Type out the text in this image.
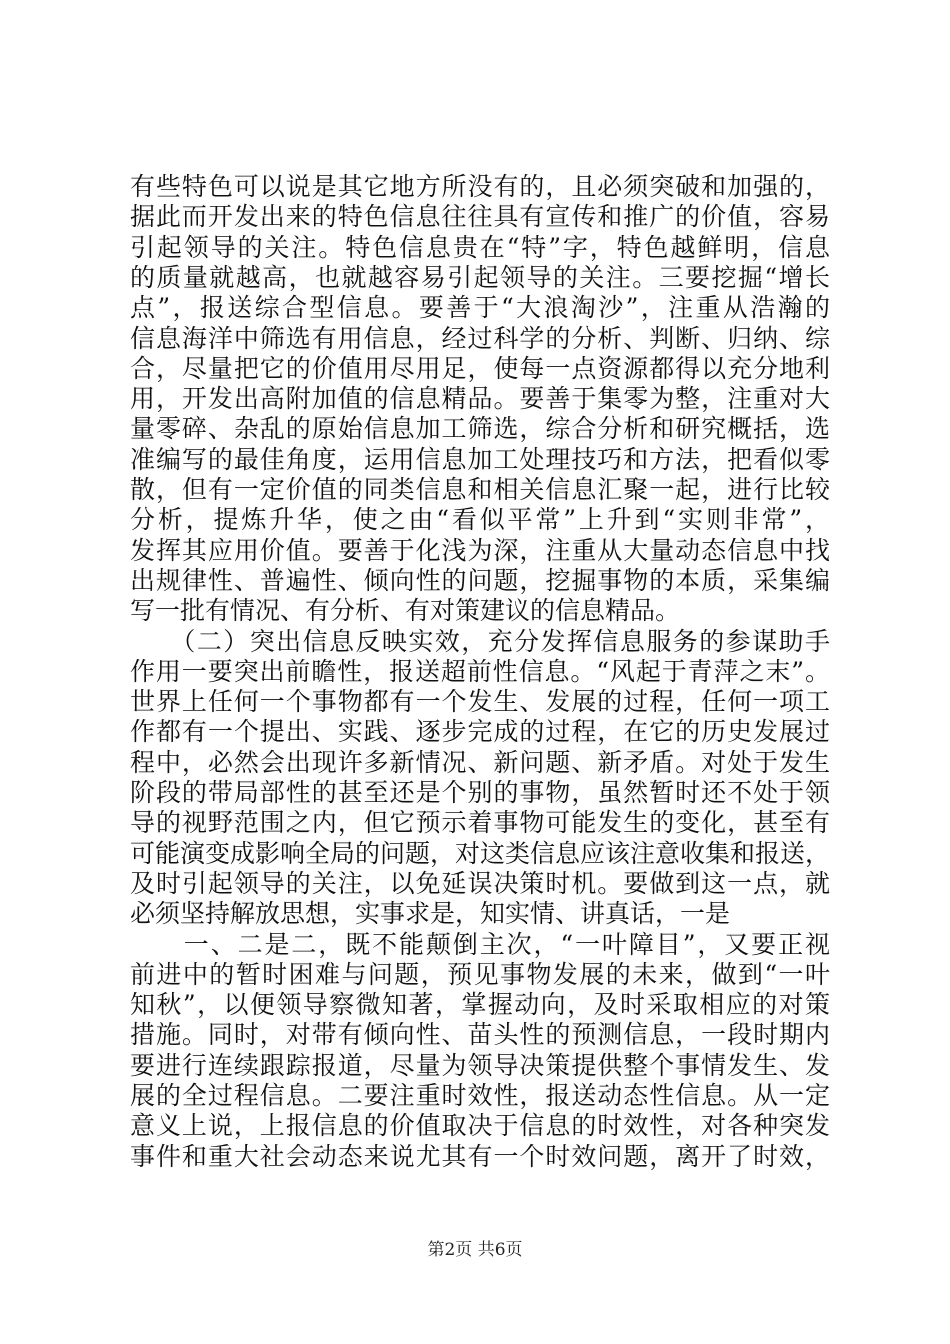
有些特色可以说是其它地方所没有的，且必须突破和加强的，
据此而开发出来的特色信息往往具有宣传和推广的价值，容易
引起领导的关注。特色信息贵在“特”字，特色越鲜明，信息
的质量就越高，也就越容易引起领导的关注。三要挖掘“增长
点”，报送综合型信息。要善于“大浪淘沙”，注重从浩瀚的
信息海洋中筛选有用信息，经过科学的分析、判断、归纳、综
合，尽量把它的价值用尽用足，使每一点资源都得以充分地利
用，开发出高附加值的信息精品。要善于集零为整，注重对大
量零碎、杂乱的原始信息加工筛选，综合分析和研究概括，选
准编写的最佳角度，运用信息加工处理技巧和方法，把看似零
散，但有一定价值的同类信息和相关信息汇聚一起，进行比较
分析，提炼升华，使之由“看似平常”上升到“实则非常”，
发挥其应用价值。要善于化浅为深，注重从大量动态信息中找
出规律性、普遍性、倾向性的问题，挖掘事物的本质，采集编
写一批有情况、有分析、有对策建议的信息精品。
　　（二）突出信息反映实效，充分发挥信息服务的参谋助手
作用一要突出前瞻性，报送超前性信息。“风起于青萍之末”。
世界上任何一个事物都有一个发生、发展的过程，任何一项工
作都有一个提出、实践、逐步完成的过程，在它的历史发展过
程中，必然会出现许多新情况、新问题、新矛盾。对处于发生
阶段的带局部性的甚至还是个别的事物，虽然暂时还不处于领
导的视野范围之内，但它预示着事物可能发生的变化，甚至有
可能演变成影响全局的问题，对这类信息应该注意收集和报送，
及时引起领导的关注，以免延误决策时机。要做到这一点，就
必须坚持解放思想，实事求是，知实情、讲真话，一是
　　一、二是二，既不能颠倒主次，“一叶障目”，又要正视
前进中的暂时困难与问题，预见事物发展的未来，做到“一叶
知秋”，以便领导察微知著，掌握动向，及时采取相应的对策
措施。同时，对带有倾向性、苗头性的预测信息，一段时期内
要进行连续跟踪报道，尽量为领导决策提供整个事情发生、发
展的全过程信息。二要注重时效性，报送动态性信息。从一定
意义上说，上报信息的价值取决于信息的时效性，对各种突发
事件和重大社会动态来说尤其有一个时效问题，离开了时效，
第2页 共6页
